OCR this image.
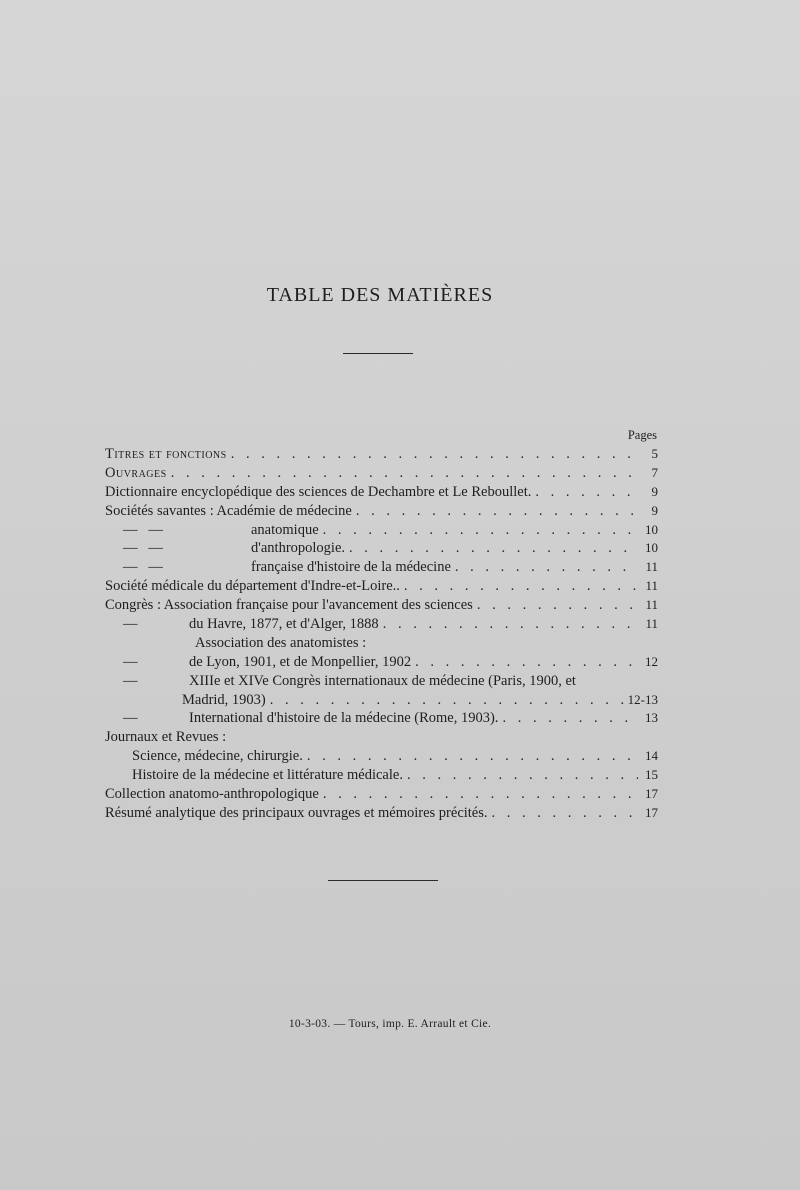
TABLE DES MATIÈRES
Pages
Titres et fonctions . . .	5
Ouvrages . . .	7
Dictionnaire encyclopédique des sciences de Dechambre et Le Reboullet. . . .	9
Sociétés savantes : Académie de médecine . . .	9
—   —	anatomique . . .	10
—   —	d'anthropologie. . . .	10
—   —	française d'histoire de la médecine . . .	11
Société médicale du département d'Indre-et-Loire.. . . .	11
Congrès : Association française pour l'avancement des sciences . . .	11
—	du Havre, 1877, et d'Alger, 1888 . . .	11
Association des anatomistes :
—	de Lyon, 1901, et de Monpellier, 1902 . . .	12
—	XIIIe et XIVe Congrès internationaux de médecine (Paris, 1900, et
Madrid, 1903) . . .	12-13
—	International d'histoire de la médecine (Rome, 1903). . . .	13
Journaux et Revues :
Science, médecine, chirurgie. . . .	14
Histoire de la médecine et littérature médicale. . . .	15
Collection anatomo-anthropologique . . .	17
Résumé analytique des principaux ouvrages et mémoires précités. . . .	17
10-3-03. — Tours, imp. E. Arrault et Cie.
